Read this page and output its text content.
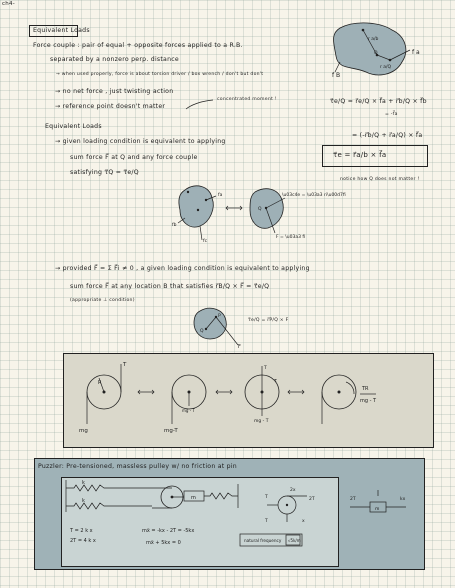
ch4-
Equivalent Loads
Force couple : pair of equal + opposite forces applied to a R.B.
separated by a nonzero perp. distance
→ when used properly, force is about torsion driver / box wrench / don't but don't
→ no net force , just twisting action
→ reference point doesn't matter
concentrated moment !
r a/b
r a/Q
f a
f B
Q
τ⃗e/Q = r⃗e/Q × f⃗a + r⃗b/Q × f⃗b
= -f⃗a
= (-r⃗b/Q + r⃗a/Q) × f⃗a
τ⃗e = r⃗a/b × f⃗a
notice how Q does not matter !
Equivalent Loads
→ given loading condition is equivalent to applying
sum force F⃗ at Q and any force couple
satisfying τ⃗Q = τ⃗e/Q
fa
fb
fc
\u03c4e = \u03a3 ri\u00d7fi
F = \u03a3 fi
Q
→ provided F⃗ = Σ F⃗i ≠ 0 , a given loading condition is equivalent to applying
sum force F⃗ at any location B that satisfies r⃗B/Q × F⃗ = τ⃗e/Q
(appropriate ⊥ condition)
P
Q
F
τ⃗e/Q = r⃗P/Q × F
T
R
mg
mg - T
mg-T
T
τ
mg - T
TR
mg - T
Puzzler: Pre-tensioned, massless pulley w/ no friction at pin
k
k	m
T = 2 k x
2T = 4 k x
mẍ = -kx - 2T = -5kx
mẍ + 5kx = 0	natural frequency √5k/m
2x
T	2T
T	x
2T
m
kx
